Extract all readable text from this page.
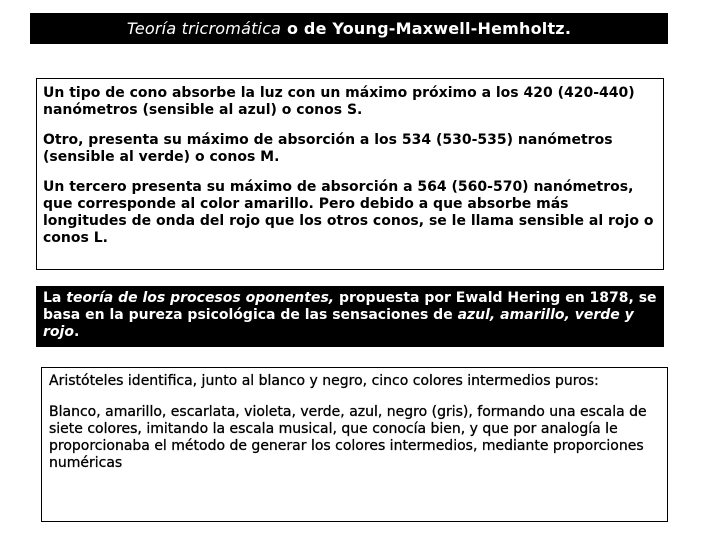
Teoría tricromática o de Young-Maxwell-Hemholtz.

Un tipo de cono absorbe la luz con un máximo próximo a los 420 (420-440) nanómetros (sensible al azul) o conos S.

Otro, presenta su máximo de absorción a los 534 (530-535) nanómetros (sensible al verde) o conos M.

Un tercero presenta su máximo de absorción a 564 (560-570) nanómetros, que corresponde al color amarillo. Pero debido a que absorbe más longitudes de onda del rojo que los otros conos, se le llama sensible al rojo o conos L.

La teoría de los procesos oponentes, propuesta por Ewald Hering en 1878, se basa en la pureza psicológica de las sensaciones de azul, amarillo, verde y rojo.

Aristóteles identifica, junto al blanco y negro, cinco colores intermedios puros:

Blanco, amarillo, escarlata, violeta, verde, azul, negro (gris), formando una escala de siete colores, imitando la escala musical, que conocía bien, y que por analogía le proporcionaba el método de generar los colores intermedios, mediante proporciones numéricas
